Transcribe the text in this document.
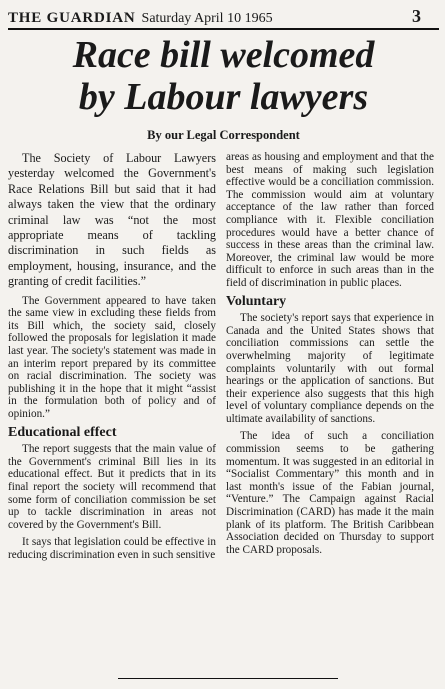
THE GUARDIAN Saturday April 10 1965	3
Race bill welcomed
by Labour lawyers
By our Legal Correspondent

The Society of Labour Lawyers yesterday welcomed the Government's Race Relations Bill but said that it had always taken the view that the ordinary criminal law was “not the most appropriate means of tackling discrimination in such fields as employment, housing, insurance, and the granting of credit facilities.”

The Government appeared to have taken the same view in excluding these fields from its Bill which, the society said, closely followed the proposals for legislation it made last year. The society's statement was made in an interim report prepared by its committee on racial discrimination. The society was publishing it in the hope that it might “assist in the formulation both of policy and of opinion.”

Educational effect

The report suggests that the main value of the Government's criminal Bill lies in its educational effect. But it predicts that in its final report the society will recommend that some form of conciliation commission be set up to tackle discrimination in areas not covered by the Government's Bill.

It says that legislation could be effective in reducing discrimination even in such sensitive

areas as housing and employment and that the best means of making such legislation effective would be a conciliation commission. The commission would aim at voluntary acceptance of the law rather than forced compliance with it. Flexible conciliation procedures would have a better chance of success in these areas than the criminal law. Moreover, the criminal law would be more difficult to enforce in such areas than in the field of discrimination in public places.

Voluntary

The society's report says that experience in Canada and the United States shows that conciliation commissions can settle the overwhelming majority of legitimate complaints voluntarily with out formal hearings or the application of sanctions. But their experience also suggests that this high level of voluntary compliance depends on the ultimate availability of sanctions.

The idea of such a conciliation commission seems to be gathering momentum. It was suggested in an editorial in “Socialist Commentary” this month and in last month's issue of the Fabian journal, “Venture.” The Campaign against Racial Discrimination (CARD) has made it the main plank of its platform. The British Caribbean Association decided on Thursday to support the CARD proposals.
